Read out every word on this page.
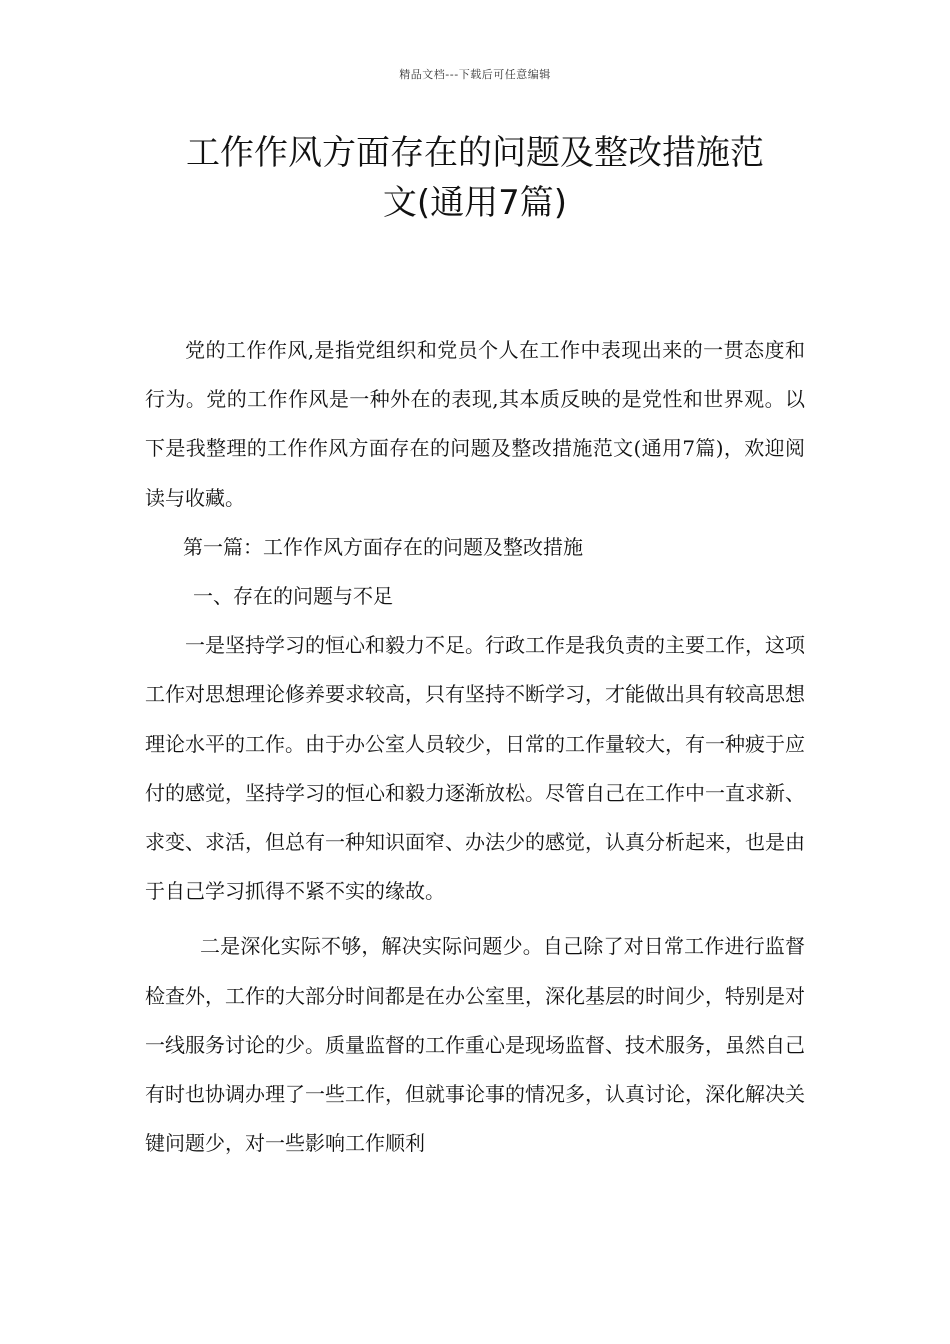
精品文档---下载后可任意编辑
工作作风方面存在的问题及整改措施范
文(通用7篇)

党的工作作风,是指党组织和党员个人在工作中表现出来的一贯态度和行为。党的工作作风是一种外在的表现,其本质反映的是党性和世界观。以下是我整理的工作作风方面存在的问题及整改措施范文(通用7篇)，欢迎阅读与收藏。

第一篇：工作作风方面存在的问题及整改措施

一、存在的问题与不足

一是坚持学习的恒心和毅力不足。行政工作是我负责的主要工作，这项工作对思想理论修养要求较高，只有坚持不断学习，才能做出具有较高思想理论水平的工作。由于办公室人员较少，日常的工作量较大，有一种疲于应付的感觉，坚持学习的恒心和毅力逐渐放松。尽管自己在工作中一直求新、求变、求活，但总有一种知识面窄、办法少的感觉，认真分析起来，也是由于自己学习抓得不紧不实的缘故。

二是深化实际不够，解决实际问题少。自己除了对日常工作进行监督检查外，工作的大部分时间都是在办公室里，深化基层的时间少，特别是对一线服务讨论的少。质量监督的工作重心是现场监督、技术服务，虽然自己有时也协调办理了一些工作，但就事论事的情况多，认真讨论，深化解决关键问题少，对一些影响工作顺利
